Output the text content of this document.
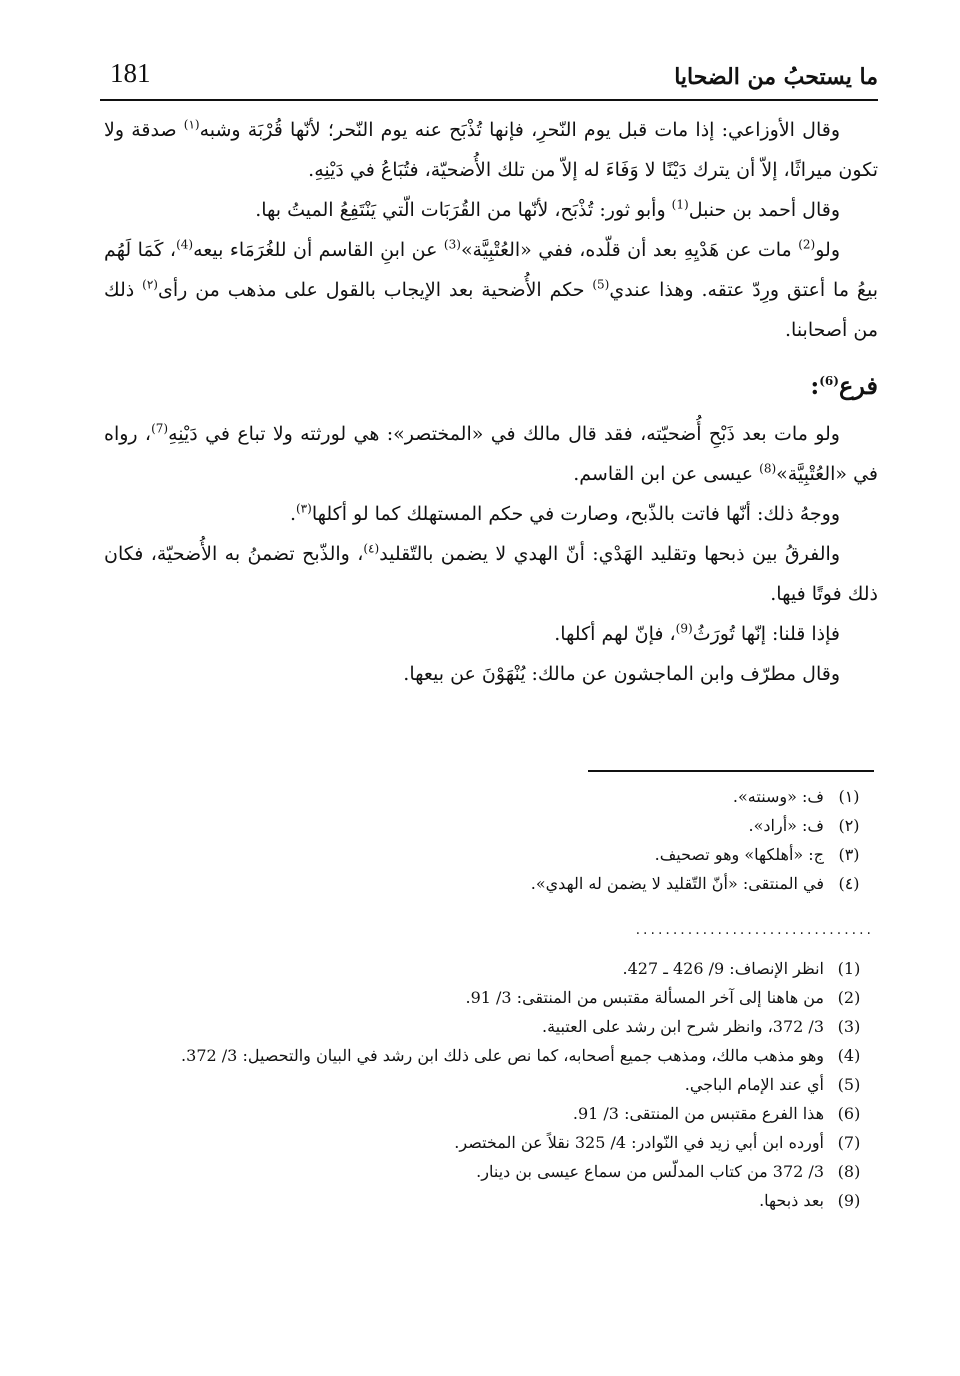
181	ما يستحبُ من الضحايا

وقال الأوزاعي: إذا مات قبل يوم النّحرِ، فإنها تُذْبَح عنه يوم النّحر؛ لأنّها قُرْبَة وشبه$^{(١)}$ صدقة ولا تكون ميراثًا، إلاّ أن يترك دَيْنًا لا وَفَاءَ له إلاّ من تلك الأُضحيّة، فتُبَاعُ في دَيْنِهِ.

وقال أحمد بن حنبل$^{(1)}$ وأبو ثور: تُذْبَح، لأنّها من القُرَبَات الّتي يَنْتَفِعُ الميتُ بها.

ولو$^{(2)}$ مات عن هَدْيِهِ بعد أن قلّده، ففي «العُتْبِيَّة»$^{(3)}$ عن ابنِ القاسم أن للغُرَمَاء بيعه$^{(4)}$، كَمَا لَهُم بيعُ ما أعتق ورِدّ عتقه. وهذا عندي$^{(5)}$ حكم الأُضحية بعد الإيجاب بالقول على مذهب من رأى$^{(٢)}$ ذلك من أصحابنا.

فرع$^{(6)}$:

ولو مات بعد ذَبْحِ أُضحيّته، فقد قال مالك في «المختصر»: هي لورثته ولا تباع في دَيْنِهِ$^{(7)}$، رواه في «العُتْبِيَّة»$^{(8)}$ عيسى عن ابن القاسم.

ووجهُ ذلك: أنّها فاتت بالذّبح، وصارت في حكم المستهلك كما لو أكلها$^{(٣)}$.

والفرقُ بين ذبحها وتقليد الهَدْي: أنّ الهدي لا يضمن بالتّقليد$^{(٤)}$، والذّبح تضمنُ به الأُضحيّة، فكان ذلك فوتًا فيها.

فإذا قلنا: إنّها تُورَثُ$^{(9)}$، فإنّ لهم أكلها.

وقال مطرّف وابن الماجشون عن مالك: يُنْهَوْنَ عن بيعها.

(١)
ف: «وسنته».
(٢)
ف: «أراد».
(٣)
ج: «أهلكها» وهو تصحيف.
(٤)
في المنتقى: «أنّ التّقليد لا يضمن له الهدي».
................................
(1)
انظر الإنصاف: 9/ 426 ـ 427.
(2)
من هاهنا إلى آخر المسألة مقتبس من المنتقى: 3/ 91.
(3)
3/ 372، وانظر شرح ابن رشد على العتبية.
(4)
وهو مذهب مالك، ومذهب جميع أصحابه، كما نص على ذلك ابن رشد في البيان والتحصيل: 3/ 372.
(5)
أي عند الإمام الباجي.
(6)
هذا الفرع مقتبس من المنتقى: 3/ 91.
(7)
أورده ابن أبي زيد في النّوادر: 4/ 325 نقلاً عن المختصر.
(8)
3/ 372 من كتاب المدلّس من سماع عيسى بن دينار.
(9)
بعد ذبحها.
